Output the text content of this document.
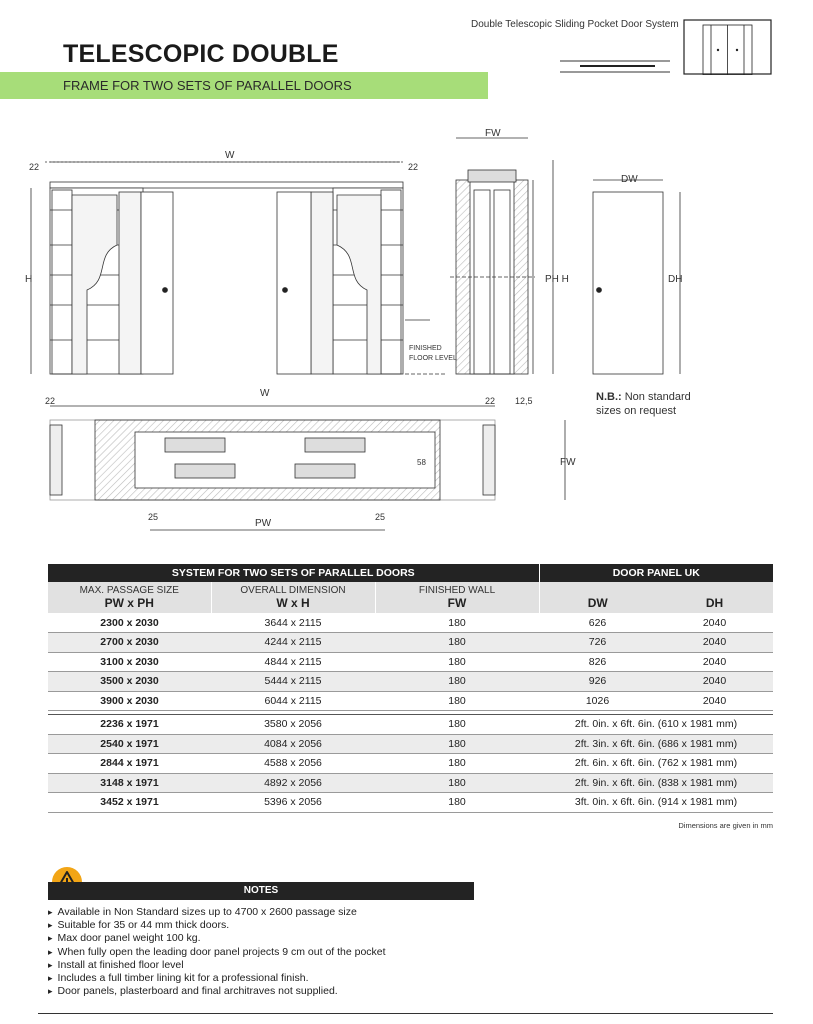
Double Telescopic Sliding Pocket Door System
TELESCOPIC DOUBLE
FRAME FOR TWO SETS OF PARALLEL DOORS
W
H
22	22
FINISHED
FLOOR LEVEL
FW
PH H
DW
DH
W
22	22 12,5
FW
PW
25	25
58
N.B.: Non standard
sizes on request
SYSTEM FOR TWO SETS OF PARALLEL DOORS			DOOR PANEL UK	
MAX. PASSAGE SIZE	OVERALL DIMENSION	FINISHED WALL		
PW x PH	W x H	FW	DW	DH
2300 x 2030	3644 x 2115	180	626	2040
2700 x 2030	4244 x 2115	180	726	2040
3100 x 2030	4844 x 2115	180	826	2040
3500 x 2030	5444 x 2115	180	926	2040
3900 x 2030	6044 x 2115	180	1026	2040

2236 x 1971	3580 x 2056	180	2ft. 0in. x 6ft. 6in. (610 x 1981 mm)	
2540 x 1971	4084 x 2056	180	2ft. 3in. x 6ft. 6in. (686 x 1981 mm)	
2844 x 1971	4588 x 2056	180	2ft. 6in. x 6ft. 6in. (762 x 1981 mm)	
3148 x 1971	4892 x 2056	180	2ft. 9in. x 6ft. 6in. (838 x 1981 mm)	
3452 x 1971	5396 x 2056	180	3ft. 0in. x 6ft. 6in. (914 x 1981 mm)	
Dimensions are given in mm
NOTES
▸ Available in Non Standard sizes up to 4700 x 2600 passage size
▸ Suitable for 35 or 44 mm thick doors.
▸ Max door panel weight 100 kg.
▸ When fully open the leading door panel projects 9 cm out of the pocket
▸ Install at finished floor level
▸ Includes a full timber lining kit for a professional finish.
▸ Door panels, plasterboard and final architraves not supplied.
